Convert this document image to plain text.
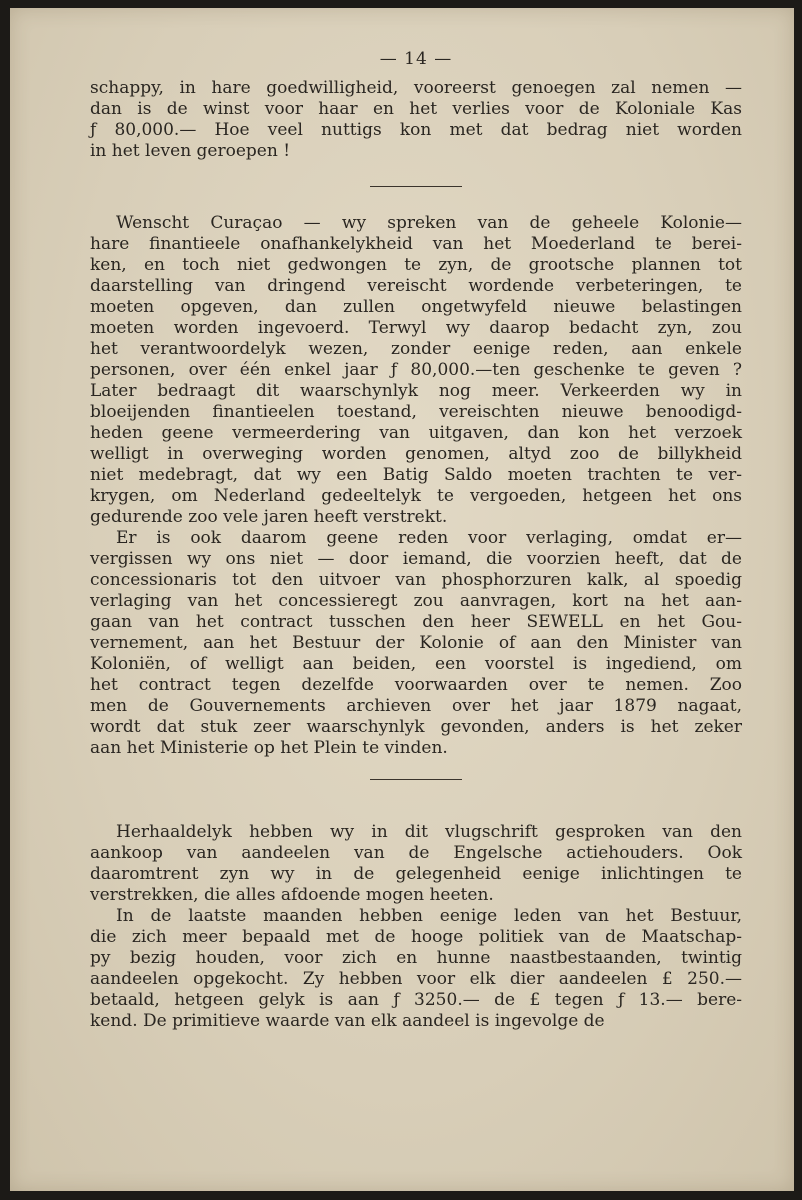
— 14 —
schappy, in hare goedwilligheid, vooreerst genoegen zal nemen —
dan is de winst voor haar en het verlies voor de Koloniale Kas
ƒ 80,000.— Hoe veel nuttigs kon met dat bedrag niet worden
in het leven geroepen !
Wenscht Curaçao — wy spreken van de geheele Kolonie—
hare finantieele onafhankelykheid van het Moederland te berei-
ken, en toch niet gedwongen te zyn, de grootsche plannen tot
daarstelling van dringend vereischt wordende verbeteringen, te
moeten opgeven, dan zullen ongetwyfeld nieuwe belastingen
moeten worden ingevoerd. Terwyl wy daarop bedacht zyn, zou
het verantwoordelyk wezen, zonder eenige reden, aan enkele
personen, over één enkel jaar ƒ 80,000.—ten geschenke te geven ?
Later bedraagt dit waarschynlyk nog meer. Verkeerden wy in
bloeijenden finantieelen toestand, vereischten nieuwe benoodigd-
heden geene vermeerdering van uitgaven, dan kon het verzoek
welligt in overweging worden genomen, altyd zoo de billykheid
niet medebragt, dat wy een Batig Saldo moeten trachten te ver-
krygen, om Nederland gedeeltelyk te vergoeden, hetgeen het ons
gedurende zoo vele jaren heeft verstrekt.
Er is ook daarom geene reden voor verlaging, omdat er—
vergissen wy ons niet — door iemand, die voorzien heeft, dat de
concessionaris tot den uitvoer van phosphorzuren kalk, al spoedig
verlaging van het concessieregt zou aanvragen, kort na het aan-
gaan van het contract tusschen den heer SEWELL en het Gou-
vernement, aan het Bestuur der Kolonie of aan den Minister van
Koloniën, of welligt aan beiden, een voorstel is ingediend, om
het contract tegen dezelfde voorwaarden over te nemen. Zoo
men de Gouvernements archieven over het jaar 1879 nagaat,
wordt dat stuk zeer waarschynlyk gevonden, anders is het zeker
aan het Ministerie op het Plein te vinden.
Herhaaldelyk hebben wy in dit vlugschrift gesproken van den
aankoop van aandeelen van de Engelsche actiehouders. Ook
daaromtrent zyn wy in de gelegenheid eenige inlichtingen te
verstrekken, die alles afdoende mogen heeten.
In de laatste maanden hebben eenige leden van het Bestuur,
die zich meer bepaald met de hooge politiek van de Maatschap-
py bezig houden, voor zich en hunne naastbestaanden, twintig
aandeelen opgekocht. Zy hebben voor elk dier aandeelen £ 250.—
betaald, hetgeen gelyk is aan ƒ 3250.— de £ tegen ƒ 13.— bere-
kend. De primitieve waarde van elk aandeel is ingevolge de
